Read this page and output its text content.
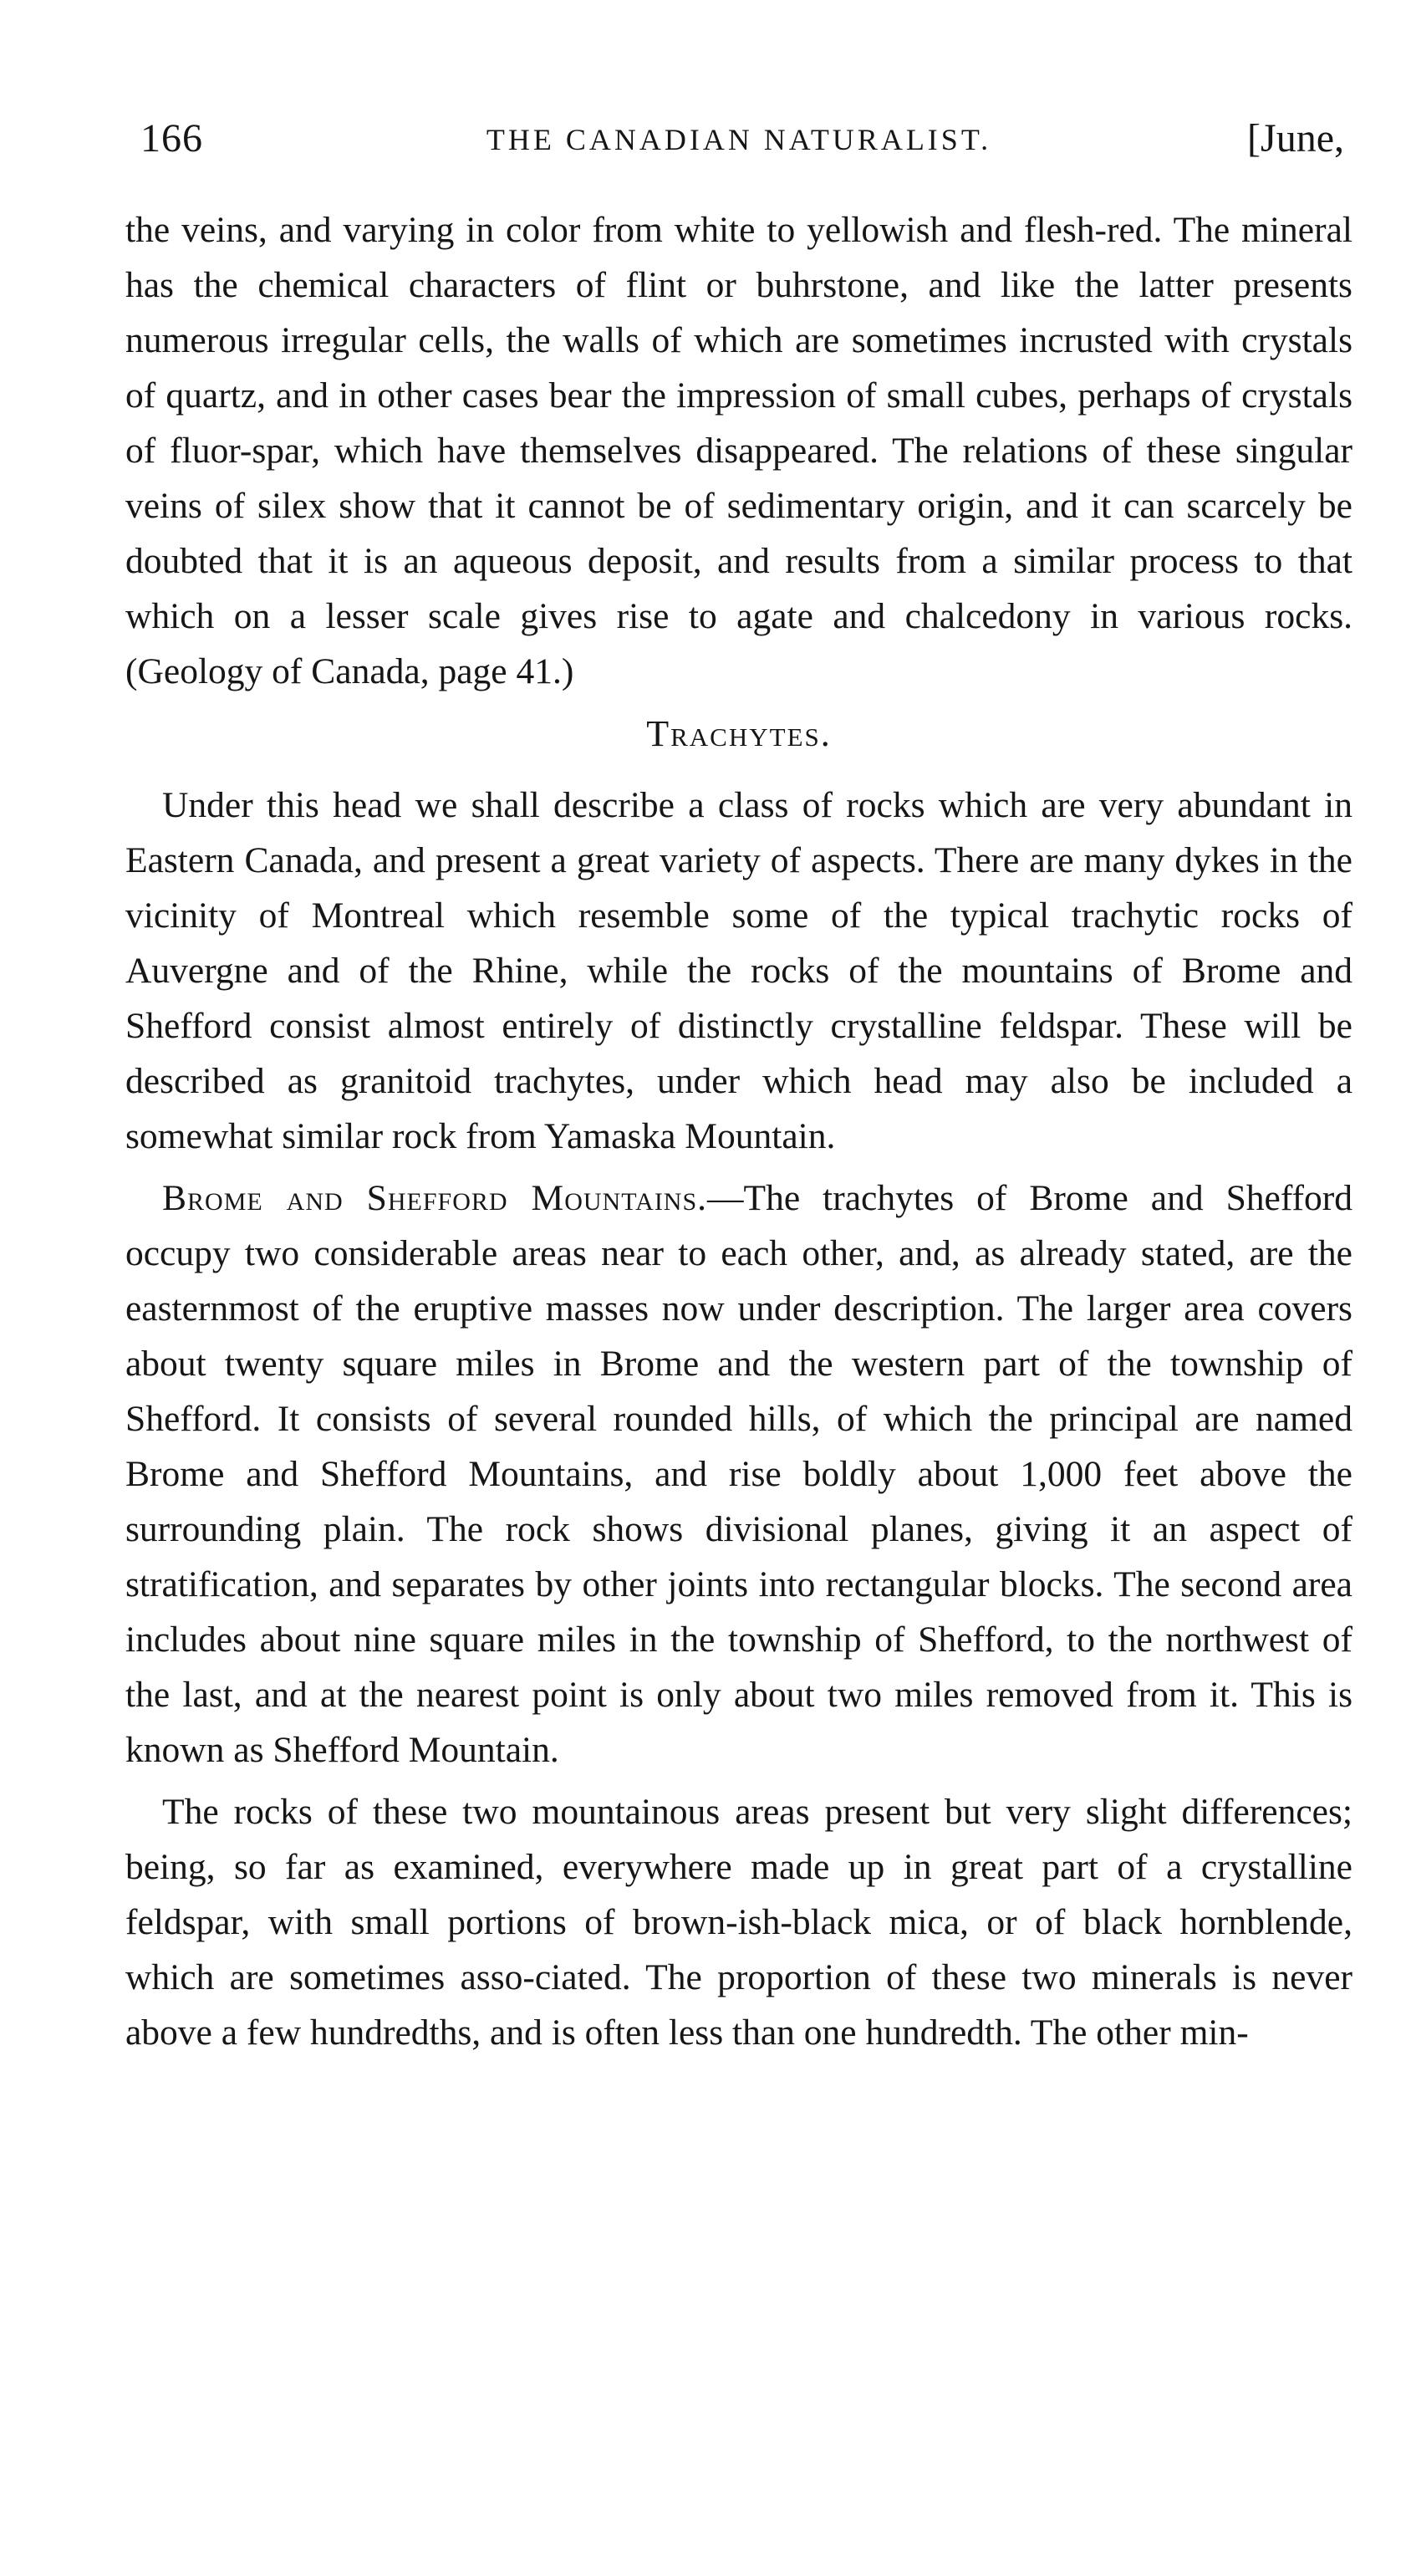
166	THE CANADIAN NATURALIST.	[June,

the veins, and varying in color from white to yellowish and flesh-red. The mineral has the chemical characters of flint or buhrstone, and like the latter presents numerous irregular cells, the walls of which are sometimes incrusted with crystals of quartz, and in other cases bear the impression of small cubes, perhaps of crystals of fluor-spar, which have themselves disappeared. The relations of these singular veins of silex show that it cannot be of sedimentary origin, and it can scarcely be doubted that it is an aqueous deposit, and results from a similar process to that which on a lesser scale gives rise to agate and chalcedony in various rocks. (Geology of Canada, page 41.)

Trachytes.

Under this head we shall describe a class of rocks which are very abundant in Eastern Canada, and present a great variety of aspects. There are many dykes in the vicinity of Montreal which resemble some of the typical trachytic rocks of Auvergne and of the Rhine, while the rocks of the mountains of Brome and Shefford consist almost entirely of distinctly crystalline feldspar. These will be described as granitoid trachytes, under which head may also be included a somewhat similar rock from Yamaska Mountain.

Brome and Shefford Mountains.—The trachytes of Brome and Shefford occupy two considerable areas near to each other, and, as already stated, are the easternmost of the eruptive masses now under description. The larger area covers about twenty square miles in Brome and the western part of the township of Shefford. It consists of several rounded hills, of which the principal are named Brome and Shefford Mountains, and rise boldly about 1,000 feet above the surrounding plain. The rock shows divisional planes, giving it an aspect of stratification, and separates by other joints into rectangular blocks. The second area includes about nine square miles in the township of Shefford, to the northwest of the last, and at the nearest point is only about two miles removed from it. This is known as Shefford Mountain.

The rocks of these two mountainous areas present but very slight differences; being, so far as examined, everywhere made up in great part of a crystalline feldspar, with small portions of brown-ish-black mica, or of black hornblende, which are sometimes asso-ciated. The proportion of these two minerals is never above a few hundredths, and is often less than one hundredth. The other min-
